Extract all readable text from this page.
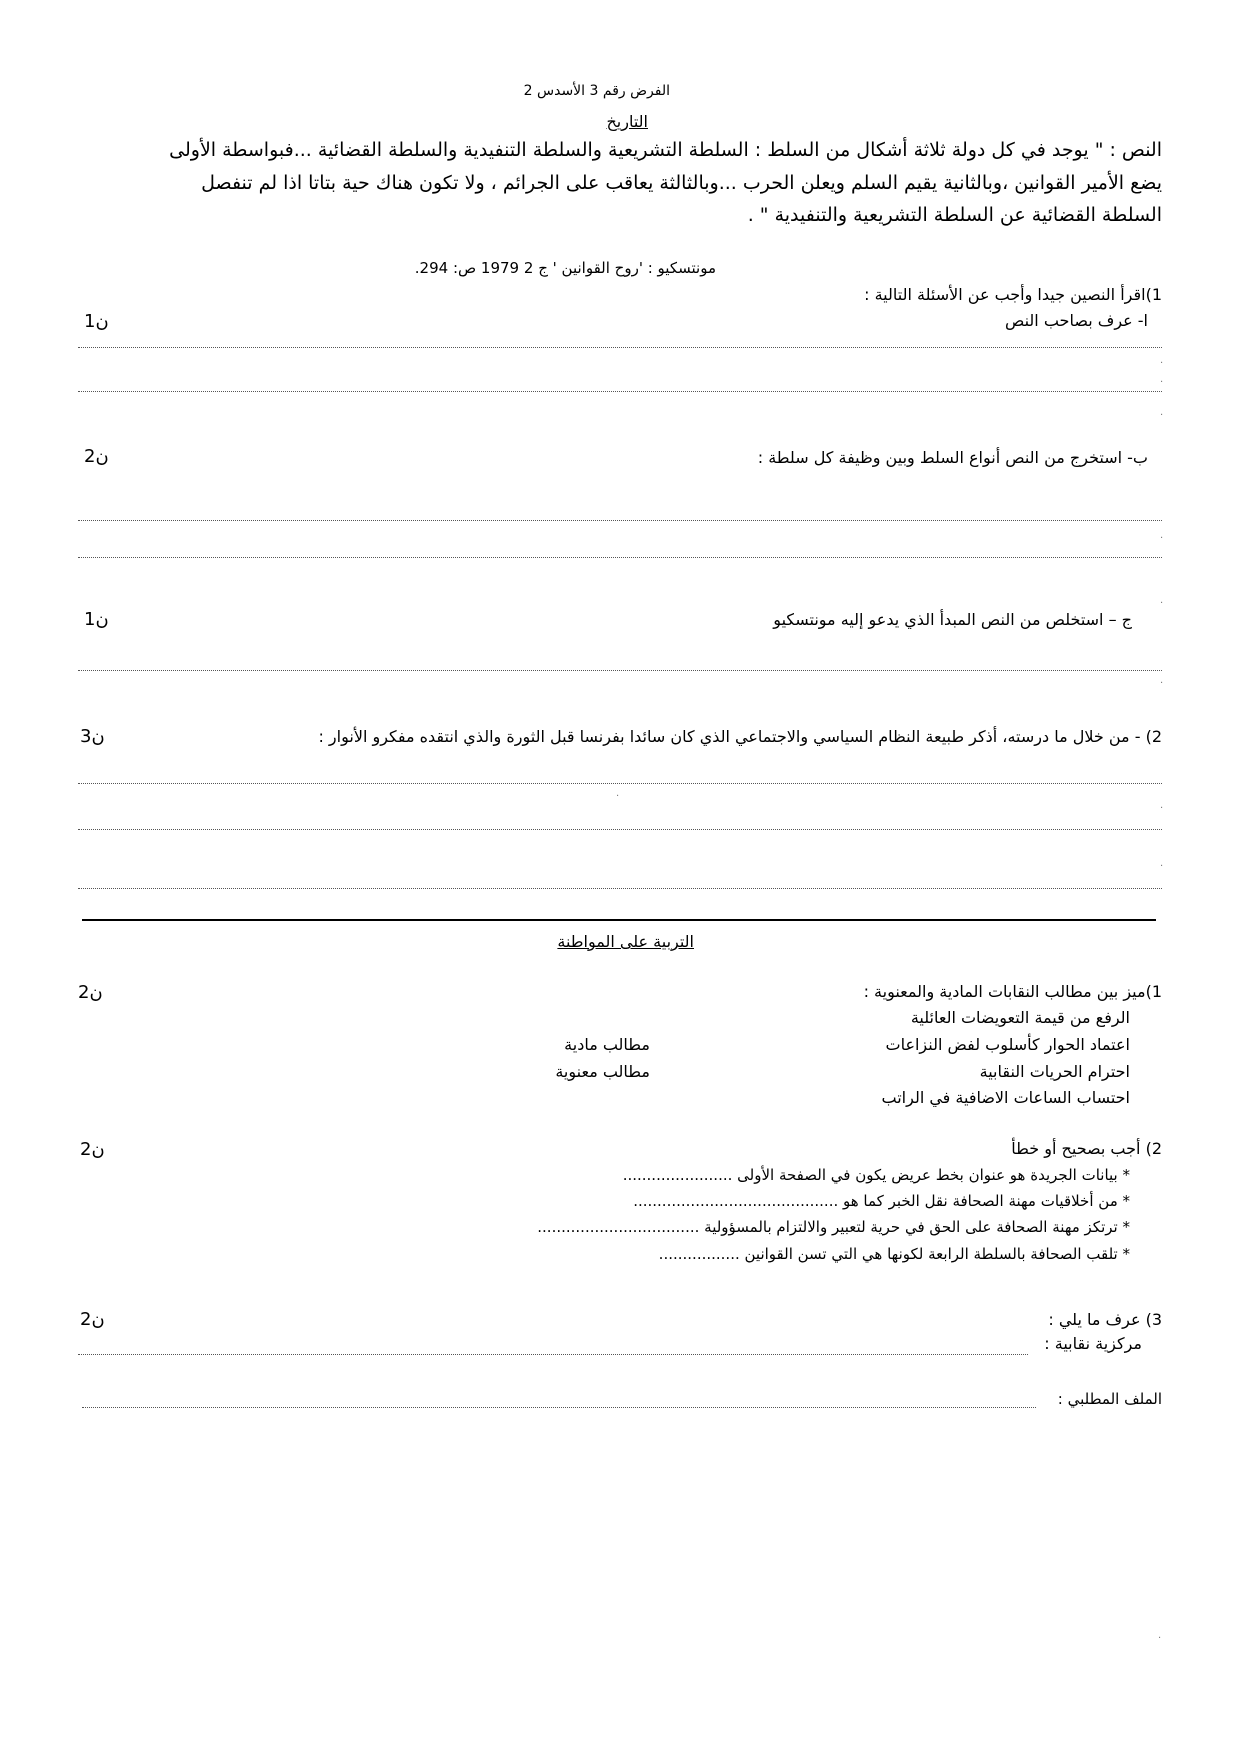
الفرض رقم 3 الأسدس 2
التاريخ
النص : " يوجد في كل دولة ثلاثة أشكال من السلط : السلطة التشريعية والسلطة التنفيدية والسلطة القضائية ...فبواسطة الأولى
يضع الأمير القوانين ،وبالثانية يقيم السلم ويعلن الحرب ...وبالثالثة يعاقب على الجرائم ، ولا تكون هناك حية بتاتا اذا لم تنفصل
السلطة القضائية عن السلطة التشريعية والتنفيدية " .
مونتسكيو : 'روح القوانين ' ج 2 1979 ص: 294.
1)اقرأ النصين جيدا وأجب عن الأسئلة التالية :
ا- عرف بصاحب النص
1ن
.
.
.
ب- استخرج من النص أنواع السلط وبين وظيفة كل سلطة :
2ن
.
.
ج – استخلص من النص المبدأ الذي يدعو إليه مونتسكيو
1ن
.
2) - من خلال ما درسته، أذكر طبيعة النظام السياسي والاجتماعي الذي كان سائدا بفرنسا قبل الثورة والذي انتقده مفكرو الأنوار :
3ن
.
.
.
التربية على المواطنة
1)ميز بين مطالب النقابات المادية والمعنوية :
2ن
الرفع من قيمة التعويضات العائلية
اعتماد الحوار كأسلوب لفض النزاعات
احترام الحريات النقابية
احتساب الساعات الاضافية في الراتب
مطالب مادية
مطالب معنوية
2) أجب بصحيح أو خطأ
2ن
* بيانات الجريدة هو عنوان بخط عريض يكون في الصفحة الأولى .......................
* من أخلاقيات مهنة الصحافة نقل الخبر كما هو ...........................................
* ترتكز مهنة الصحافة على الحق في حرية لتعبير والالتزام بالمسؤولية ..................................
* تلقب الصحافة بالسلطة الرابعة لكونها هي التي تسن القوانين .................
3) عرف ما يلي :
2ن
مركزية نقابية :
الملف المطلبي :
.
